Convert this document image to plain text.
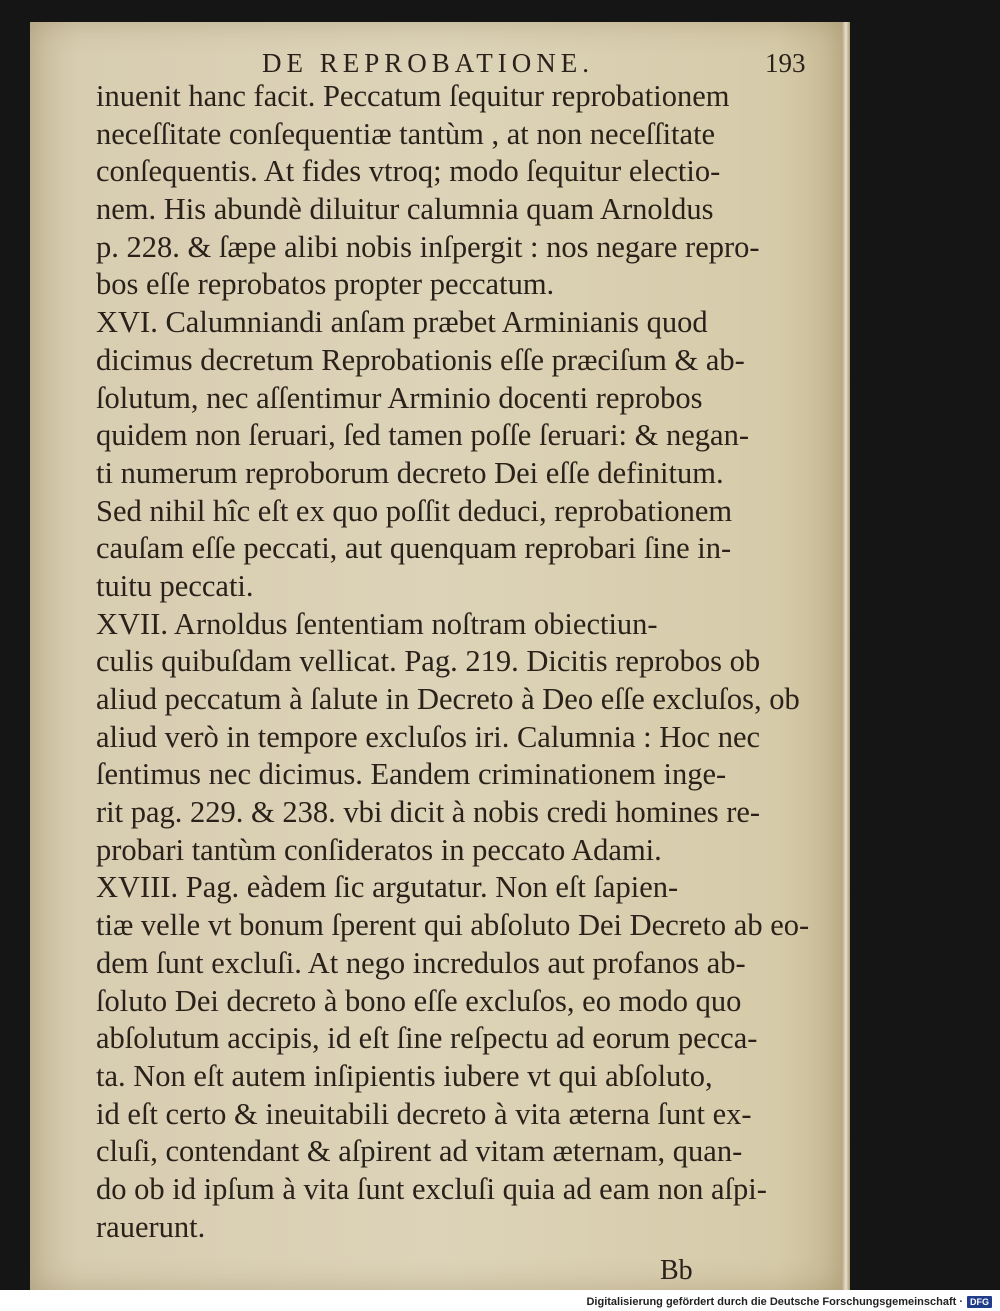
DE REPROBATIONE.	193
inuenit hanc facit. Peccatum ſequitur reprobationem
neceſſitate conſequentiæ tantùm , at non neceſſitate
conſequentis. At fides vtroq; modo ſequitur electio-
nem. His abundè diluitur calumnia quam Arnoldus
p. 228. & ſæpe alibi nobis inſpergit : nos negare repro-
bos eſſe reprobatos propter peccatum.
XVI. Calumniandi anſam præbet Arminianis quod
dicimus decretum Reprobationis eſſe præciſum & ab-
ſolutum, nec aſſentimur Arminio docenti reprobos
quidem non ſeruari, ſed tamen poſſe ſeruari: & negan-
ti numerum reproborum decreto Dei eſſe definitum.
Sed nihil hîc eſt ex quo poſſit deduci, reprobationem
cauſam eſſe peccati, aut quenquam reprobari ſine in-
tuitu peccati.
XVII. Arnoldus ſententiam noſtram obiectiun-
culis quibuſdam vellicat. Pag. 219. Dicitis reprobos ob
aliud peccatum à ſalute in Decreto à Deo eſſe excluſos, ob
aliud verò in tempore excluſos iri. Calumnia : Hoc nec
ſentimus nec dicimus. Eandem criminationem inge-
rit pag. 229. & 238. vbi dicit à nobis credi homines re-
probari tantùm conſideratos in peccato Adami.
XVIII. Pag. eàdem ſic argutatur. Non eſt ſapien-
tiæ velle vt bonum ſperent qui abſoluto Dei Decreto ab eo-
dem ſunt excluſi. At nego incredulos aut profanos ab-
ſoluto Dei decreto à bono eſſe excluſos, eo modo quo
abſolutum accipis, id eſt ſine reſpectu ad eorum pecca-
ta. Non eſt autem inſipientis iubere vt qui abſoluto,
id eſt certo & ineuitabili decreto à vita æterna ſunt ex-
cluſi, contendant & aſpirent ad vitam æternam, quan-
do ob id ipſum à vita ſunt excluſi quia ad eam non aſpi-
rauerunt.
Bb
Digitalisierung gefördert durch die Deutsche Forschungsgemeinschaft · DFG
